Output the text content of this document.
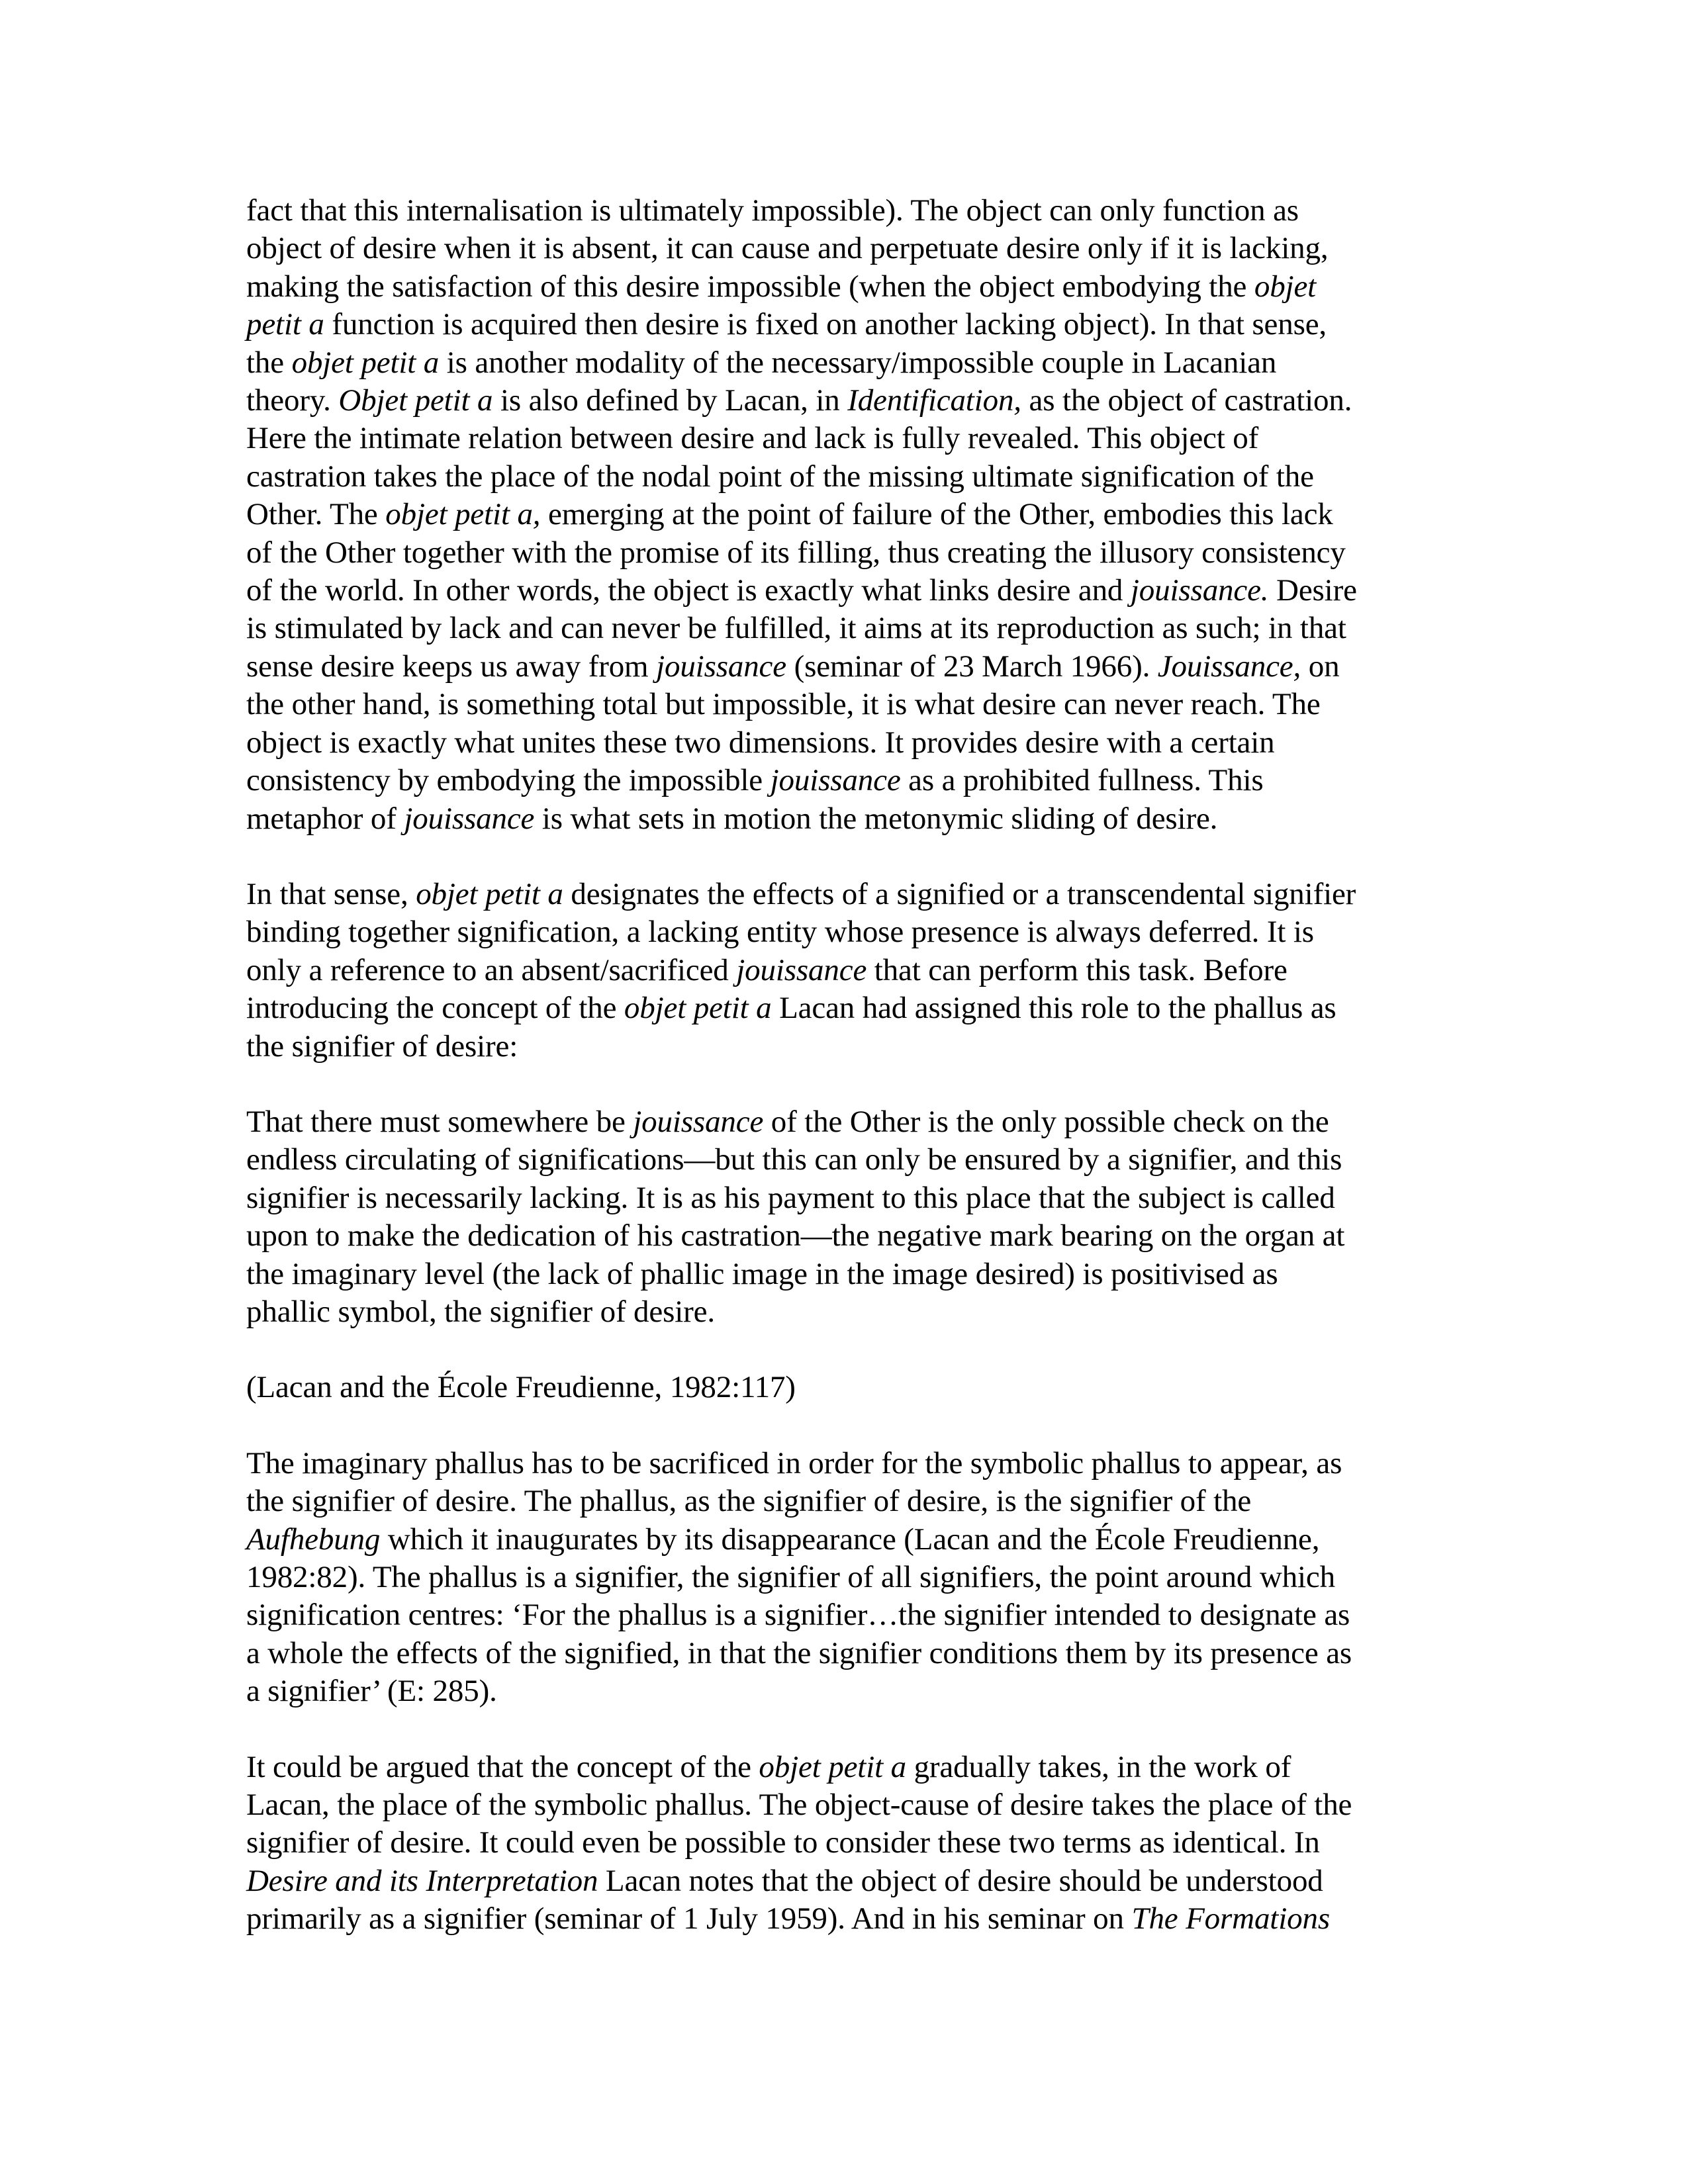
fact that this internalisation is ultimately impossible). The object can only function as
object of desire when it is absent, it can cause and perpetuate desire only if it is lacking,
making the satisfaction of this desire impossible (when the object embodying the objet
petit a function is acquired then desire is fixed on another lacking object). In that sense,
the objet petit a is another modality of the necessary/impossible couple in Lacanian
theory. Objet petit a is also defined by Lacan, in Identification, as the object of castration.
Here the intimate relation between desire and lack is fully revealed. This object of
castration takes the place of the nodal point of the missing ultimate signification of the
Other. The objet petit a, emerging at the point of failure of the Other, embodies this lack
of the Other together with the promise of its filling, thus creating the illusory consistency
of the world. In other words, the object is exactly what links desire and jouissance. Desire
is stimulated by lack and can never be fulfilled, it aims at its reproduction as such; in that
sense desire keeps us away from jouissance (seminar of 23 March 1966). Jouissance, on
the other hand, is something total but impossible, it is what desire can never reach. The
object is exactly what unites these two dimensions. It provides desire with a certain
consistency by embodying the impossible jouissance as a prohibited fullness. This
metaphor of jouissance is what sets in motion the metonymic sliding of desire.
In that sense, objet petit a designates the effects of a signified or a transcendental signifier
binding together signification, a lacking entity whose presence is always deferred. It is
only a reference to an absent/sacrificed jouissance that can perform this task. Before
introducing the concept of the objet petit a Lacan had assigned this role to the phallus as
the signifier of desire:
That there must somewhere be jouissance of the Other is the only possible check on the
endless circulating of significations—but this can only be ensured by a signifier, and this
signifier is necessarily lacking. It is as his payment to this place that the subject is called
upon to make the dedication of his castration—the negative mark bearing on the organ at
the imaginary level (the lack of phallic image in the image desired) is positivised as
phallic symbol, the signifier of desire.
(Lacan and the École Freudienne, 1982:117)
The imaginary phallus has to be sacrificed in order for the symbolic phallus to appear, as
the signifier of desire. The phallus, as the signifier of desire, is the signifier of the
Aufhebung which it inaugurates by its disappearance (Lacan and the École Freudienne,
1982:82). The phallus is a signifier, the signifier of all signifiers, the point around which
signification centres: ‘For the phallus is a signifier…the signifier intended to designate as
a whole the effects of the signified, in that the signifier conditions them by its presence as
a signifier’ (E: 285).
It could be argued that the concept of the objet petit a gradually takes, in the work of
Lacan, the place of the symbolic phallus. The object-cause of desire takes the place of the
signifier of desire. It could even be possible to consider these two terms as identical. In
Desire and its Interpretation Lacan notes that the object of desire should be understood
primarily as a signifier (seminar of 1 July 1959). And in his seminar on The Formations
